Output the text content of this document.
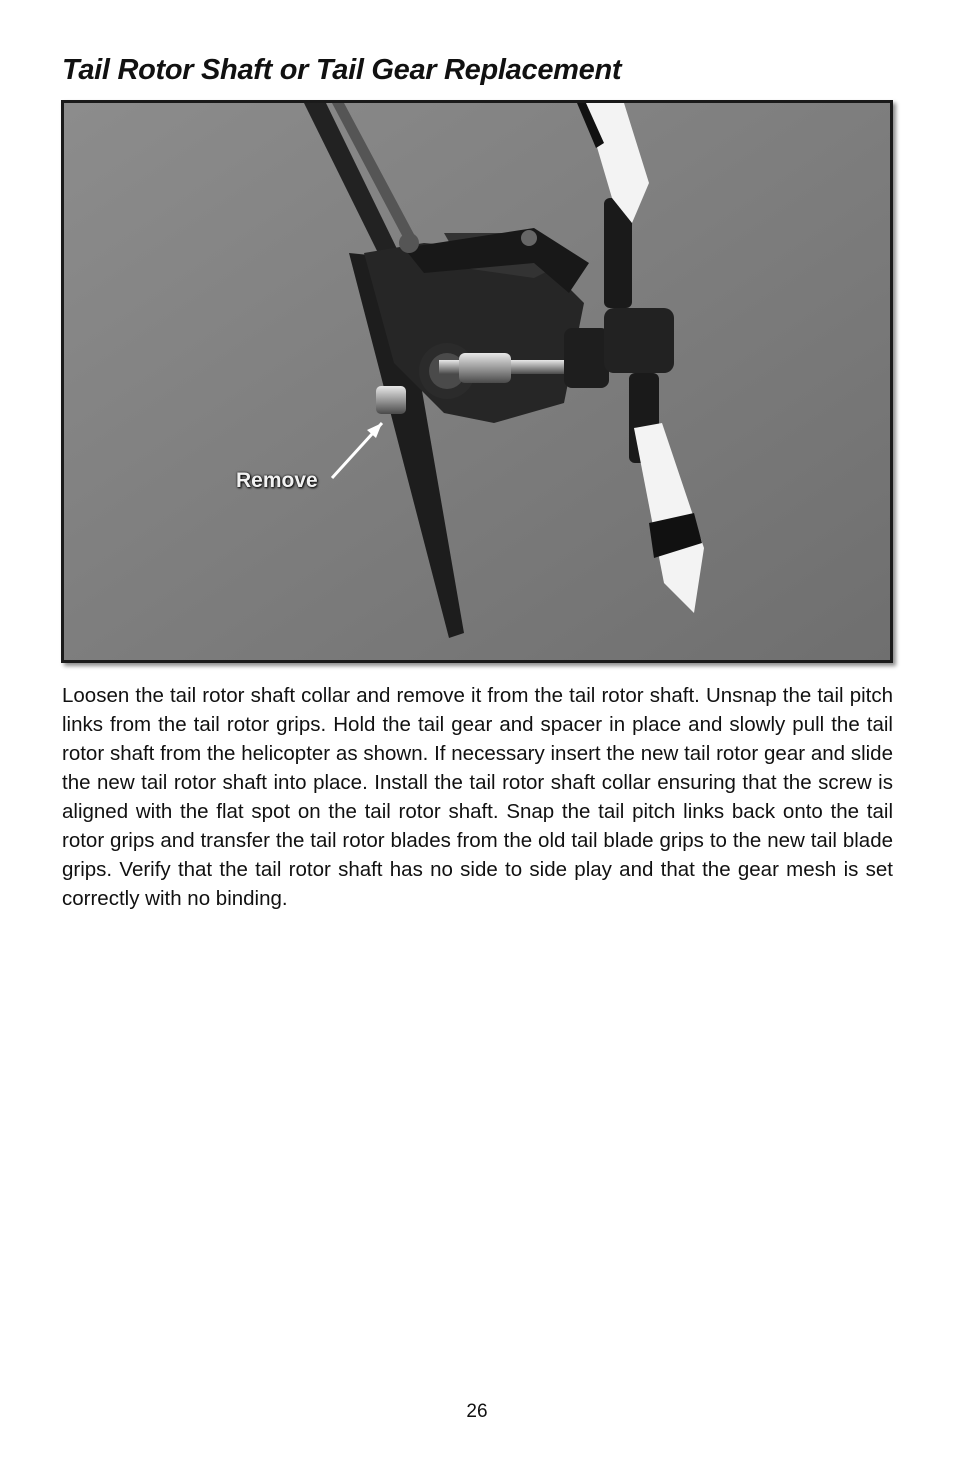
Tail Rotor Shaft or Tail Gear Replacement
Remove

Loosen the tail rotor shaft collar and remove it from the tail rotor shaft. Unsnap the tail pitch links from the tail rotor grips. Hold the tail gear and spacer in place and slowly pull the tail rotor shaft from the helicopter as shown. If necessary insert the new tail rotor gear and slide the new tail rotor shaft into place. Install the tail rotor shaft collar ensuring that the screw is aligned with the flat spot on the tail rotor shaft. Snap the tail pitch links back onto the tail rotor grips and transfer the tail rotor blades from the old tail blade grips to the new tail blade grips. Verify that the tail rotor shaft has no side to side play and that the gear mesh is set correctly with no binding.

26
